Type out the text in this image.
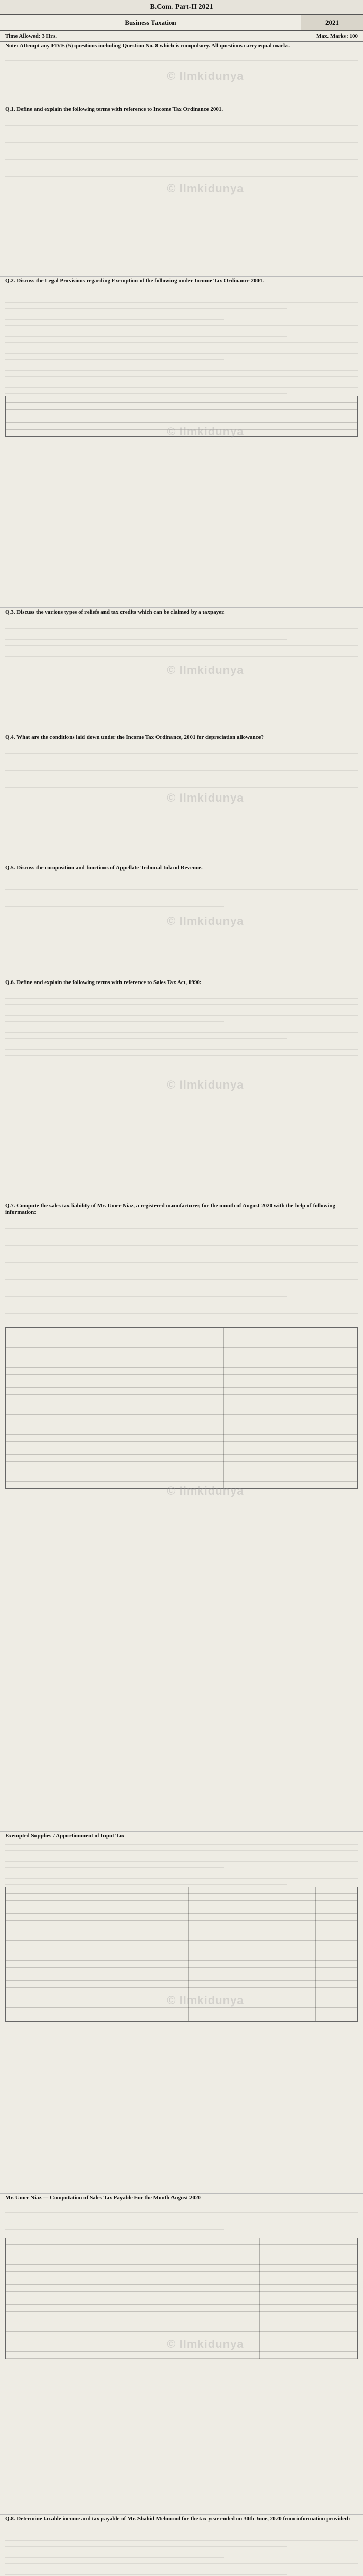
B.Com. Part-II 2021
Business Taxation	2021
Time Allowed: 3 Hrs.	Max. Marks: 100
Note: Attempt any FIVE (5) questions including Question No. 8 which is compulsory. All questions carry equal marks.
© Ilmkidunya
Q.1. Define and explain the following terms with reference to Income Tax Ordinance 2001.
© Ilmkidunya
Q.2. Discuss the Legal Provisions regarding Exemption of the following under Income Tax Ordinance 2001.
© Ilmkidunya
Q.3. Discuss the various types of reliefs and tax credits which can be claimed by a taxpayer.
© Ilmkidunya
Q.4. What are the conditions laid down under the Income Tax Ordinance, 2001 for depreciation allowance?
© Ilmkidunya
Q.5. Discuss the composition and functions of Appellate Tribunal Inland Revenue.
© Ilmkidunya
Q.6. Define and explain the following terms with reference to Sales Tax Act, 1990:
© Ilmkidunya
Q.7. Compute the sales tax liability of Mr. Umer Niaz, a registered manufacturer, for the month of August 2020 with the help of following information:
© Ilmkidunya
Exempted Supplies / Apportionment of Input Tax
© Ilmkidunya
Mr. Umer Niaz — Computation of Sales Tax Payable For the Month August 2020
© Ilmkidunya
Q.8. Determine taxable income and tax payable of Mr. Shahid Mehmood for the tax year ended on 30th June, 2020 from information provided:
